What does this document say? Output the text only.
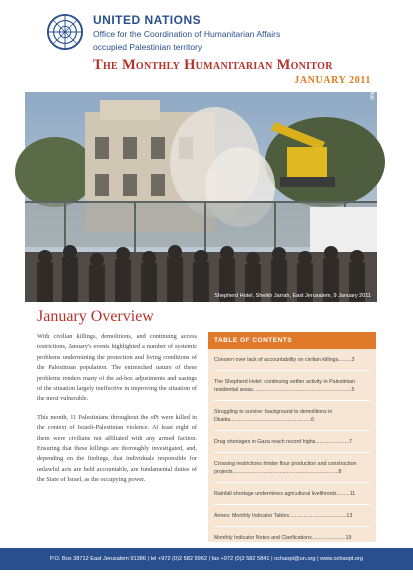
UNITED NATIONS
Office for the Coordination of Humanitarian Affairs
occupied Palestinian territory
The Monthly Humanitarian Monitor
JANUARY 2011
Photo by Ryan Pullak
Shepherd Hotel, Sheikh Jarrah, East Jerusalem, 9 January 2011
January Overview

With civilian killings, demolitions, and continuing access restrictions, January's events highlighted a number of systemic problems undermining the protection and living conditions of the Palestinian population. The entrenched nature of these problems renders many of the ad-hoc adjustments and easings of the situation largely ineffective in improving the situation of the most vulnerable.

This month, 11 Palestinians throughout the oPt were killed in the context of Israeli-Palestinian violence. At least eight of them were civilians not affiliated with any armed faction. Ensuring that these killings are thoroughly investigated, and, depending on the findings, that individuals responsible for unlawful acts are held accountable, are fundamental duties of the State of Israel, as the occupying power.

TABLE OF CONTENTS
Concern over lack of accountability on civilian killings.........3
The Shepherd Hotel: continuing settler activity in Palestinian residential areas...................................................................5
Struggling to survive: background to demolitions in Dkaika.......................................................6
Drug shortages in Gaza reach record highs.......................7
Crossing restrictions hinder flour production and construction projects........................................................................8
Rainfall shortage undermines agricultural livelihoods.........11
Annex: Monthly Indicator Tables.......................................13
Monthly Indicator Notes and Clarifications.......................19
P.O. Box 38712 East Jerusalem 91386 | tel +972 (0)2 582 9962 | fax +972 (0)2 582 5841 | ochaopt@un.org | www.ochaopt.org
